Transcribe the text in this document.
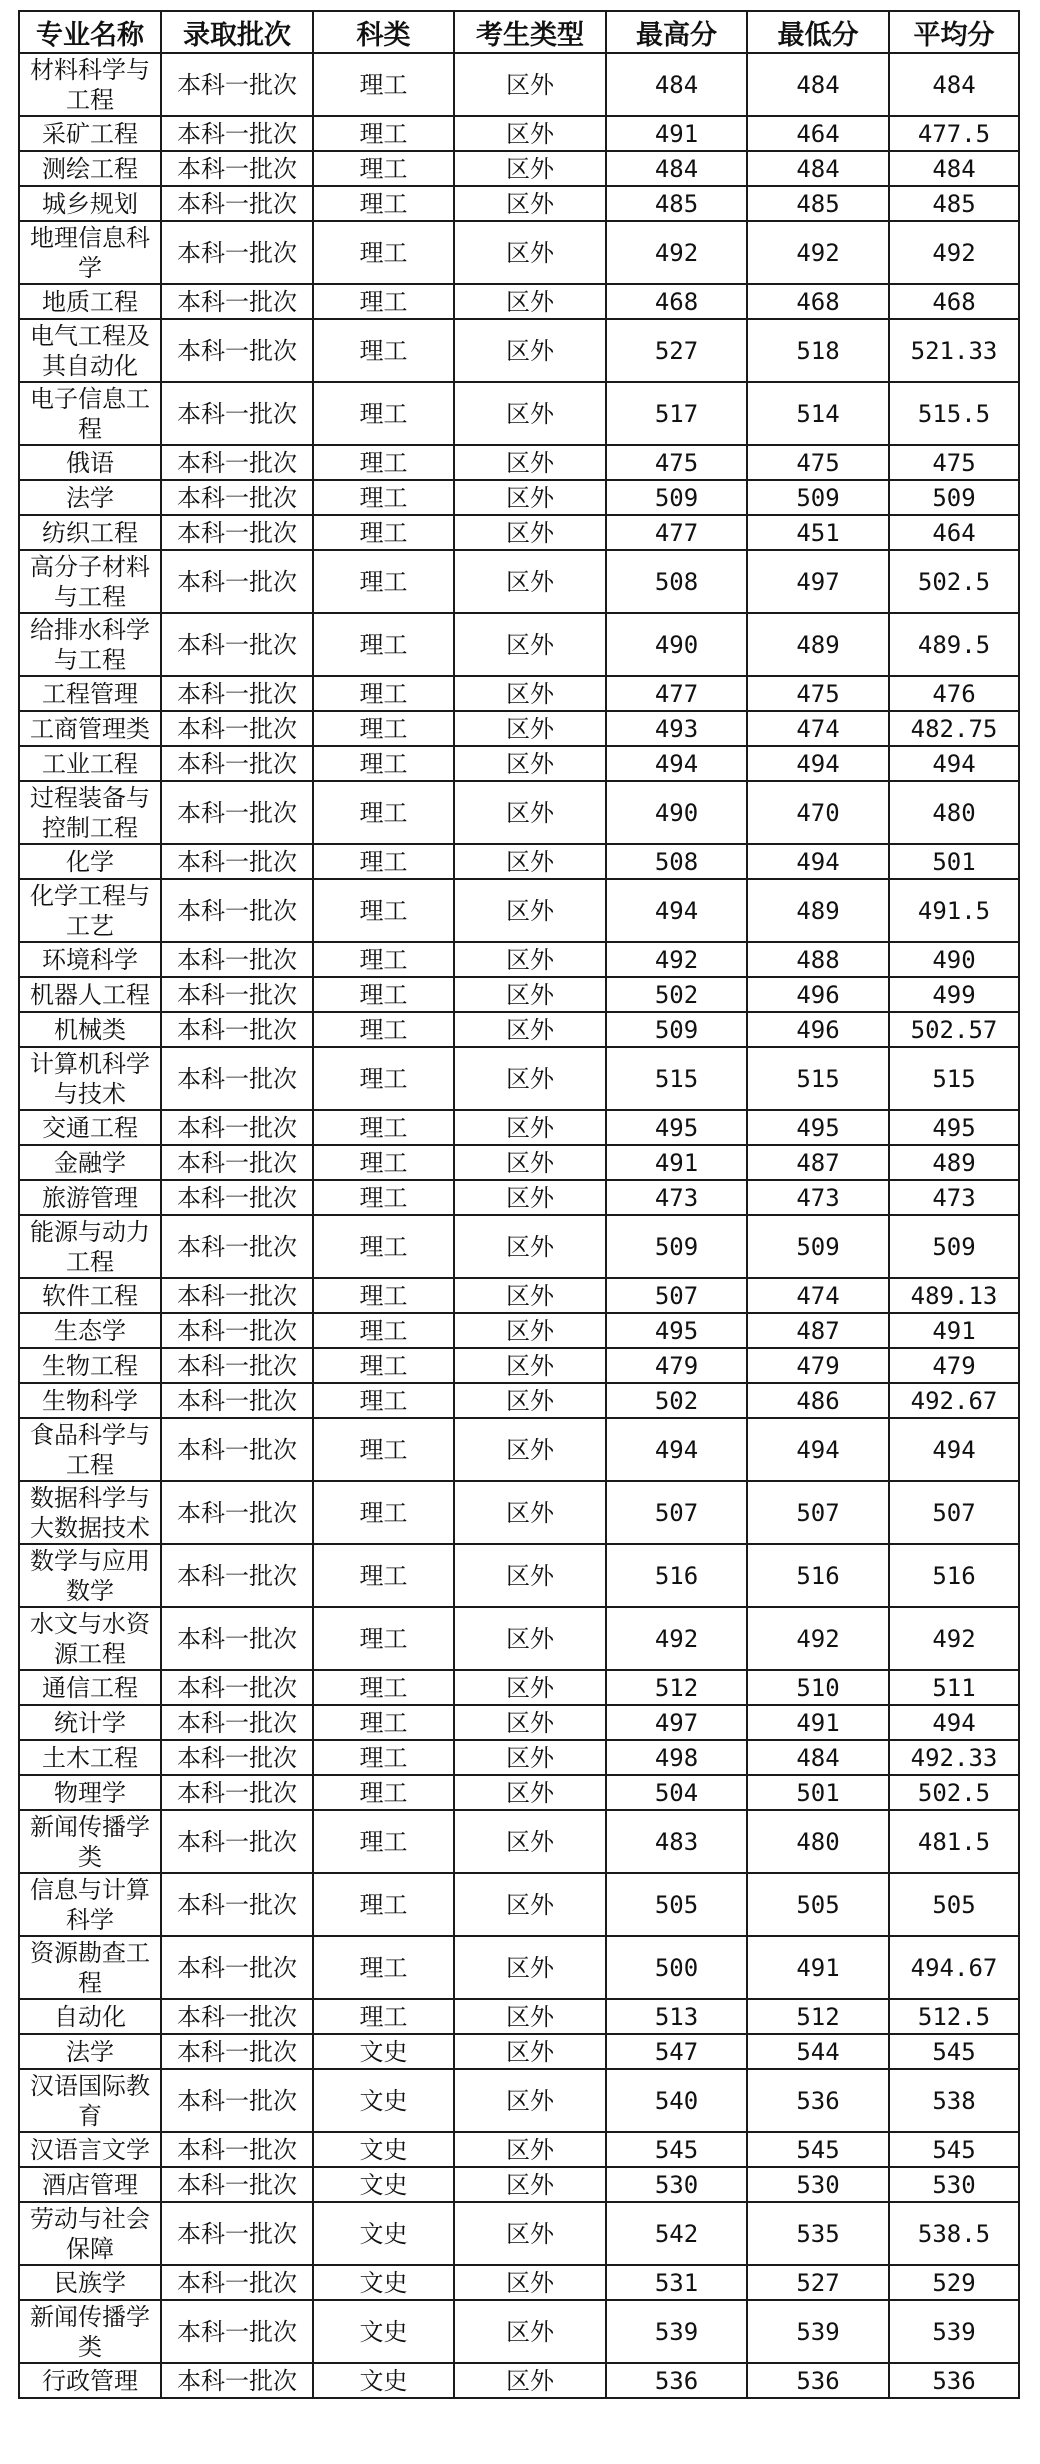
专业名称	录取批次	科类	考生类型	最高分	最低分	平均分
材料科学与工程	本科一批次	理工	区外	484	484	484
采矿工程	本科一批次	理工	区外	491	464	477.5
测绘工程	本科一批次	理工	区外	484	484	484
城乡规划	本科一批次	理工	区外	485	485	485
地理信息科学	本科一批次	理工	区外	492	492	492
地质工程	本科一批次	理工	区外	468	468	468
电气工程及其自动化	本科一批次	理工	区外	527	518	521.33
电子信息工程	本科一批次	理工	区外	517	514	515.5
俄语	本科一批次	理工	区外	475	475	475
法学	本科一批次	理工	区外	509	509	509
纺织工程	本科一批次	理工	区外	477	451	464
高分子材料与工程	本科一批次	理工	区外	508	497	502.5
给排水科学与工程	本科一批次	理工	区外	490	489	489.5
工程管理	本科一批次	理工	区外	477	475	476
工商管理类	本科一批次	理工	区外	493	474	482.75
工业工程	本科一批次	理工	区外	494	494	494
过程装备与控制工程	本科一批次	理工	区外	490	470	480
化学	本科一批次	理工	区外	508	494	501
化学工程与工艺	本科一批次	理工	区外	494	489	491.5
环境科学	本科一批次	理工	区外	492	488	490
机器人工程	本科一批次	理工	区外	502	496	499
机械类	本科一批次	理工	区外	509	496	502.57
计算机科学与技术	本科一批次	理工	区外	515	515	515
交通工程	本科一批次	理工	区外	495	495	495
金融学	本科一批次	理工	区外	491	487	489
旅游管理	本科一批次	理工	区外	473	473	473
能源与动力工程	本科一批次	理工	区外	509	509	509
软件工程	本科一批次	理工	区外	507	474	489.13
生态学	本科一批次	理工	区外	495	487	491
生物工程	本科一批次	理工	区外	479	479	479
生物科学	本科一批次	理工	区外	502	486	492.67
食品科学与工程	本科一批次	理工	区外	494	494	494
数据科学与大数据技术	本科一批次	理工	区外	507	507	507
数学与应用数学	本科一批次	理工	区外	516	516	516
水文与水资源工程	本科一批次	理工	区外	492	492	492
通信工程	本科一批次	理工	区外	512	510	511
统计学	本科一批次	理工	区外	497	491	494
土木工程	本科一批次	理工	区外	498	484	492.33
物理学	本科一批次	理工	区外	504	501	502.5
新闻传播学类	本科一批次	理工	区外	483	480	481.5
信息与计算科学	本科一批次	理工	区外	505	505	505
资源勘查工程	本科一批次	理工	区外	500	491	494.67
自动化	本科一批次	理工	区外	513	512	512.5
法学	本科一批次	文史	区外	547	544	545
汉语国际教育	本科一批次	文史	区外	540	536	538
汉语言文学	本科一批次	文史	区外	545	545	545
酒店管理	本科一批次	文史	区外	530	530	530
劳动与社会保障	本科一批次	文史	区外	542	535	538.5
民族学	本科一批次	文史	区外	531	527	529
新闻传播学类	本科一批次	文史	区外	539	539	539
行政管理	本科一批次	文史	区外	536	536	536
